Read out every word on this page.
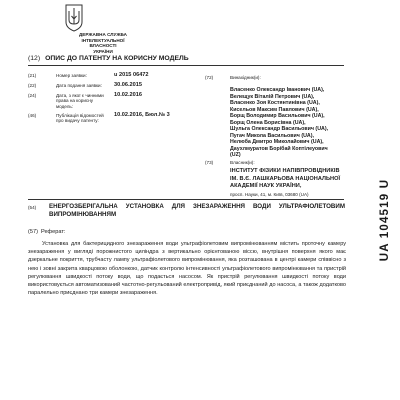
ДЕРЖАВНА СЛУЖБА
ІНТЕЛЕКТУАЛЬНОЇ
ВЛАСНОСТІ
УКРАЇНИ
(12) ОПИС ДО ПАТЕНТУ НА КОРИСНУ МОДЕЛЬ
(21)	Номер заявки:	u 2015 06472
(22)	Дата подання заявки: 30.06.2015
(24)	Дата, з якої є чинними
права на корисну
модель:
10.02.2016
(46)	Публікація відомостей
про видачу патенту:
10.02.2016, Бюл.№ 3
(72)	Винахідник(и):
Власенко Олександр Іванович (UA),
Велещук Віталій Петрович (UA),
Власенко Зоя Костянтинівна (UA),
Кисельов Максим Павлович (UA),
Борщ Володимир Васильович (UA),
Борщ Олена Борисівна (UA),
Шульга Олександр Васильович (UA),
Пугач Микола Васильович (UA),
Нелюба Дмитро Миколайович (UA),
Даухлмуратов Борібай Коптілеуович
(UZ)
(73)	Власник(и):
ІНСТИТУТ ФІЗИКИ НАПІВПРОВІДНИКІВ
ІМ. В.Є. ЛАШКАРЬОВА НАЦІОНАЛЬНОЇ
АКАДЕМІЇ НАУК УКРАЇНИ,
просп. Науки, 41, м. Київ, 03680 (UA)
(54) ЕНЕРГОЗБЕРІГАЛЬНА УСТАНОВКА ДЛЯ ЗНЕЗАРАЖЕННЯ ВОДИ УЛЬТРАФІОЛЕТОВИМ ВИПРОМІНЮВАННЯМ
(57) Реферат:
Установка для бактерицидного знезараження води ультрафіолетовим випромінюванням містить проточну камеру знезараження у вигляді порожнистого циліндра з вертикально орієнтованою віссю, внутрішня поверхня якого має дзеркальне покриття, трубчасту лампу ультрафіолетового випромінювання, яка розташована в центрі камери співвісно з нею і зовні закрита кварцовою оболонкою, датчик контролю інтенсивності ультрафіолетового випромінювання та пристрій регулювання швидкості потоку води, що подається насосом. Як пристрій регулювання швидкості потоку води використовується автоматизований частотно-регульований електропривід, який приєднаний до насоса, а також додатково паралельно приєднано три камери знезараження.
UA 104519 U
